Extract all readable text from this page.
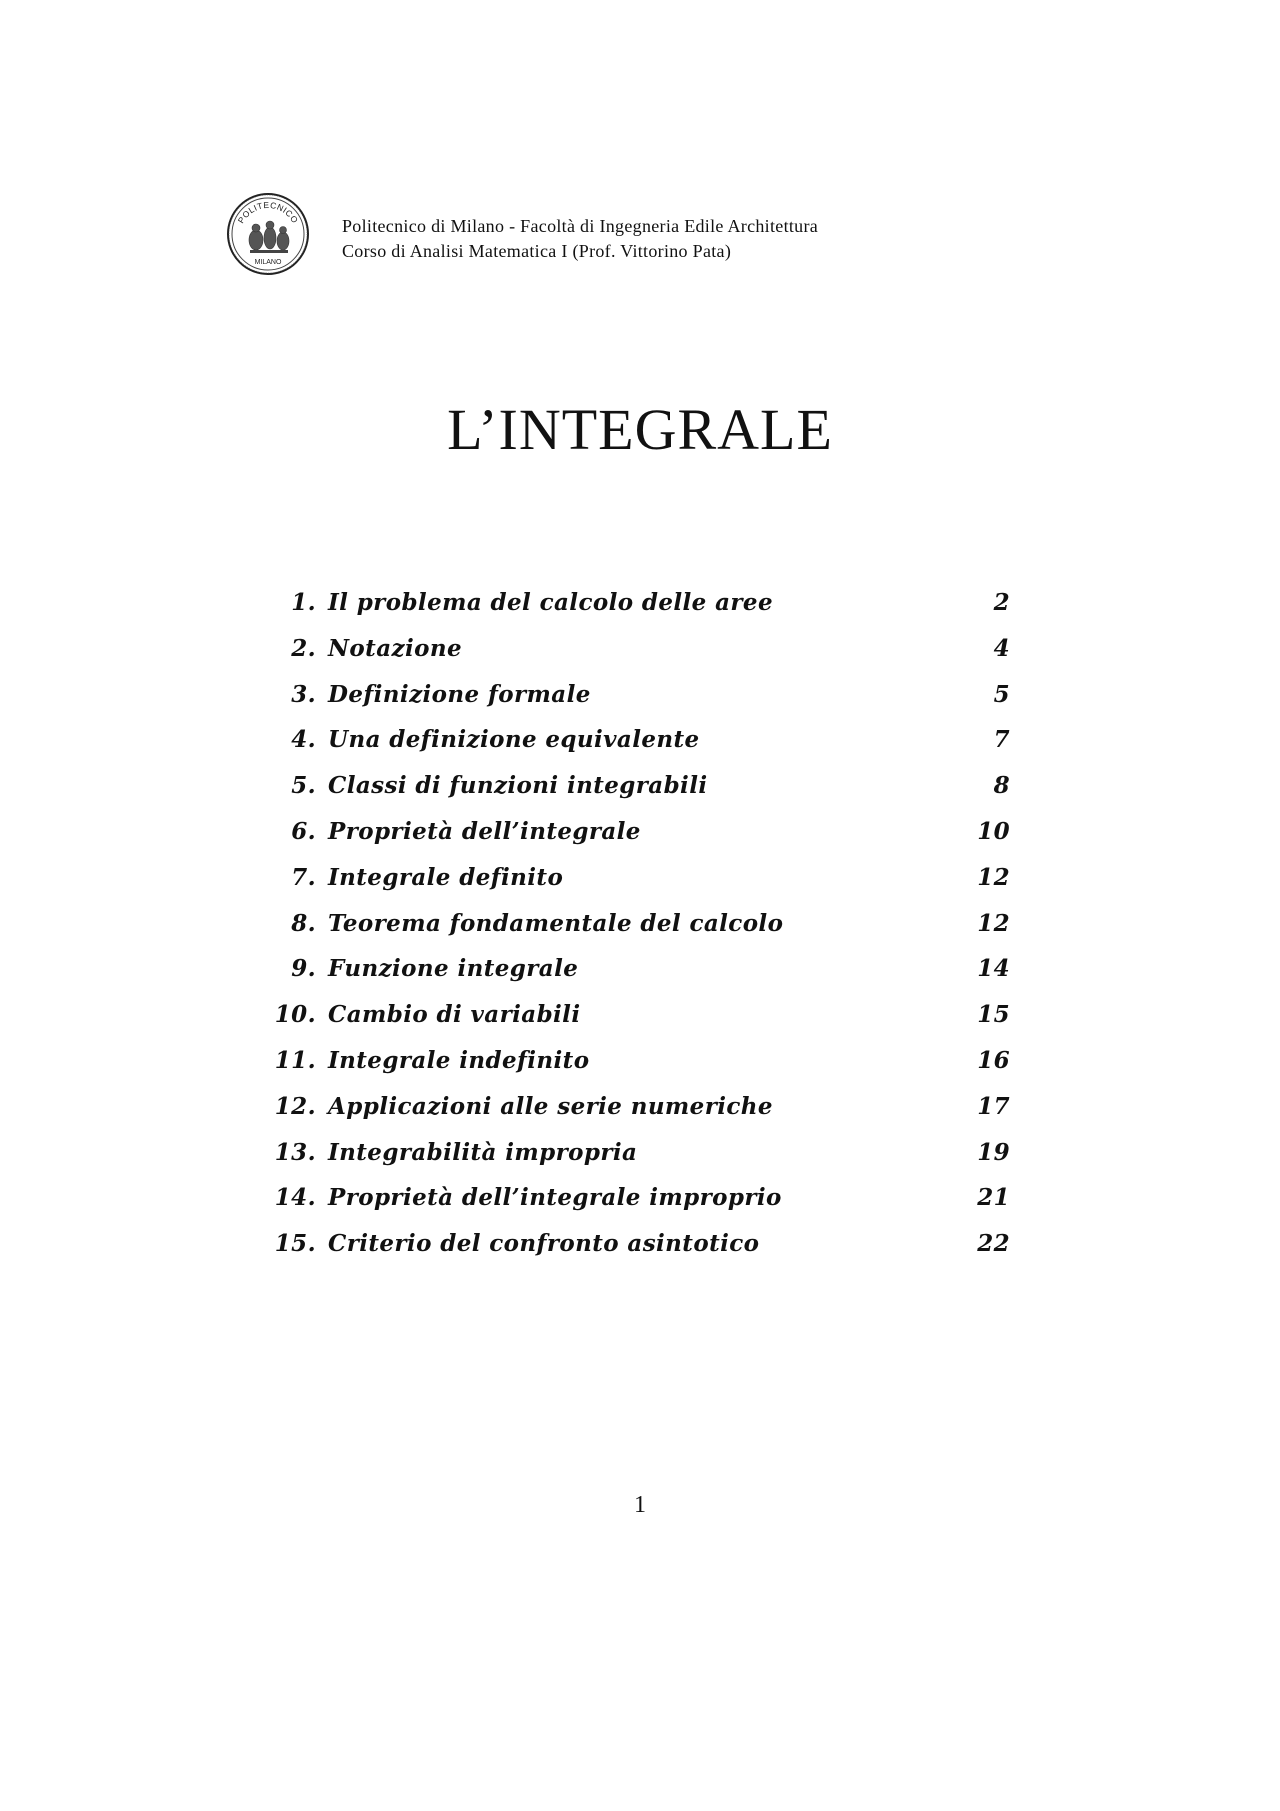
POLITECNICO
MILANO
Politecnico di Milano - Facoltà di Ingegneria Edile Architettura
Corso di Analisi Matematica I (Prof. Vittorino Pata)
L’INTEGRALE
1. Il problema del calcolo delle aree	2
2. Notazione	4
3. Definizione formale	5
4. Una definizione equivalente	7
5. Classi di funzioni integrabili	8
6. Proprietà dell’integrale	10
7. Integrale definito	12
8. Teorema fondamentale del calcolo	12
9. Funzione integrale	14
10. Cambio di variabili	15
11. Integrale indefinito	16
12. Applicazioni alle serie numeriche	17
13. Integrabilità impropria	19
14. Proprietà dell’integrale improprio	21
15. Criterio del confronto asintotico	22
1
